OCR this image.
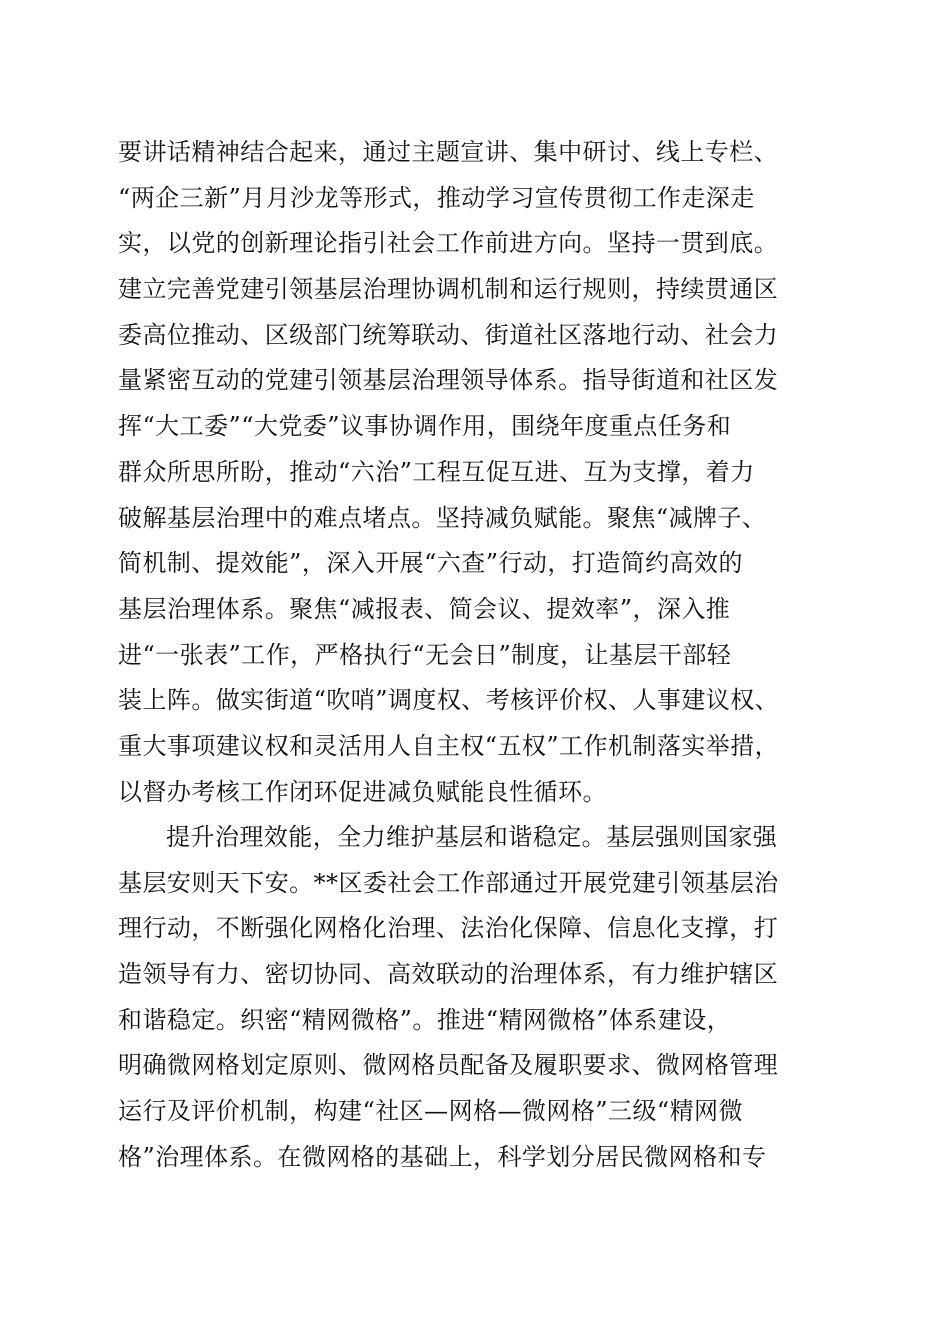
要讲话精神结合起来，通过主题宣讲、集中研讨、线上专栏、
“两企三新”月月沙龙等形式，推动学习宣传贯彻工作走深走
实，以党的创新理论指引社会工作前进方向。坚持一贯到底。
建立完善党建引领基层治理协调机制和运行规则，持续贯通区
委高位推动、区级部门统筹联动、街道社区落地行动、社会力
量紧密互动的党建引领基层治理领导体系。指导街道和社区发
挥“大工委”“大党委”议事协调作用，围绕年度重点任务和
群众所思所盼，推动“六治”工程互促互进、互为支撑，着力
破解基层治理中的难点堵点。坚持减负赋能。聚焦“减牌子、
简机制、提效能”，深入开展“六查”行动，打造简约高效的
基层治理体系。聚焦“减报表、简会议、提效率”，深入推
进“一张表”工作，严格执行“无会日”制度，让基层干部轻
装上阵。做实街道“吹哨”调度权、考核评价权、人事建议权、
重大事项建议权和灵活用人自主权“五权”工作机制落实举措，
以督办考核工作闭环促进减负赋能良性循环。
提升治理效能，全力维护基层和谐稳定。基层强则国家强
基层安则天下安。**区委社会工作部通过开展党建引领基层治
理行动，不断强化网格化治理、法治化保障、信息化支撑，打
造领导有力、密切协同、高效联动的治理体系，有力维护辖区
和谐稳定。织密“精网微格”。推进“精网微格”体系建设，
明确微网格划定原则、微网格员配备及履职要求、微网格管理
运行及评价机制，构建“社区—网格—微网格”三级“精网微
格”治理体系。在微网格的基础上，科学划分居民微网格和专
